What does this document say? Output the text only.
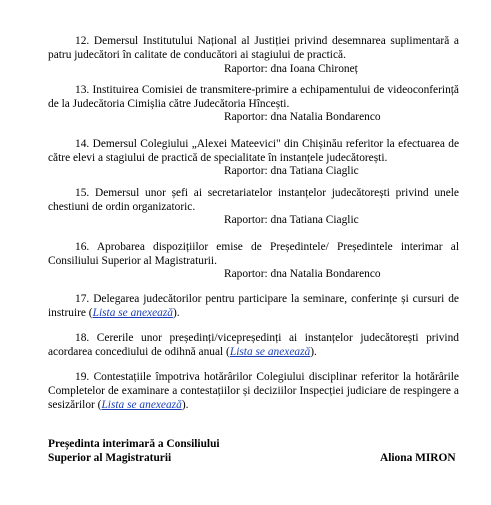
12. Demersul Institutului Național al Justiției privind desemnarea suplimentară a patru judecători în calitate de conducători ai stagiului de practică.
Raportor: dna Ioana Chironeț
13. Instituirea Comisiei de transmitere-primire a echipamentului de videoconferință de la Judecătoria Cimișlia către Judecătoria Hîncești.
Raportor: dna Natalia Bondarenco
14. Demersul Colegiului „Alexei Mateevici" din Chișinău referitor la efectuarea de către elevi a stagiului de practică de specialitate în instanțele judecătorești.
Raportor: dna Tatiana Ciaglic
15. Demersul unor șefi ai secretariatelor instanțelor judecătorești privind unele chestiuni de ordin organizatoric.
Raportor: dna Tatiana Ciaglic
16. Aprobarea dispozițiilor emise de Președintele/ Președintele interimar al Consiliului Superior al Magistraturii.
Raportor: dna Natalia Bondarenco
17. Delegarea judecătorilor pentru participare la seminare, conferințe și cursuri de instruire (Lista se anexează).
18. Cererile unor președinți/vicepreședinți ai instanțelor judecătorești privind acordarea concediului de odihnă anual (Lista se anexează).
19. Contestațiile împotriva hotărârilor Colegiului disciplinar referitor la hotărârile Completelor de examinare a contestațiilor și deciziilor Inspecției judiciare de respingere a sesizărilor (Lista se anexează).
Președinta interimară a Consiliului
Superior al Magistraturii	Aliona MIRON
